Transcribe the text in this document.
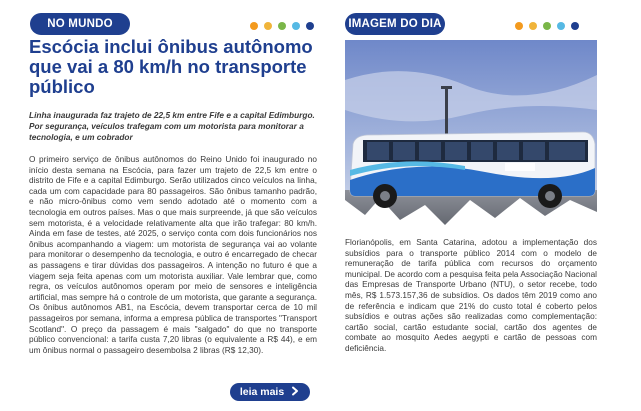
NO MUNDO
Escócia inclui ônibus autônomo que vai a 80 km/h no transporte público

Linha inaugurada faz trajeto de 22,5 km entre Fife e a capital Edimburgo. Por segurança, veículos trafegam com um motorista para monitorar a tecnologia, e um cobrador

O primeiro serviço de ônibus autônomos do Reino Unido foi inaugurado no início desta semana na Escócia, para fazer um trajeto de 22,5 km entre o distrito de Fife e a capital Edimburgo. Serão utilizados cinco veículos na linha, cada um com capacidade para 80 passageiros. São ônibus tamanho padrão, e não micro-ônibus como vem sendo adotado até o momento com a tecnologia em outros países. Mas o que mais surpreende, já que são veículos sem motorista, é a velocidade relativamente alta que irão trafegar: 80 km/h. Ainda em fase de testes, até 2025, o serviço conta com dois funcionários nos ônibus acompanhando a viagem: um motorista de segurança vai ao volante para monitorar o desempenho da tecnologia, e outro é encarregado de checar as passagens e tirar dúvidas dos passageiros. A intenção no futuro é que a viagem seja feita apenas com um motorista auxiliar. Vale lembrar que, como regra, os veículos autônomos operam por meio de sensores e inteligência artificial, mas sempre há o controle de um motorista, que garante a segurança. Os ônibus autônomos AB1, na Escócia, devem transportar cerca de 10 mil passageiros por semana, informa a empresa pública de transportes "Transport Scotland". O preço da passagem é mais "salgado" do que no transporte público convencional: a tarifa custa 7,20 libras (o equivalente a R$ 44), e em um ônibus normal o passageiro desembolsa 2 libras (R$ 12,30).

leia mais
IMAGEM DO DIA

Florianópolis, em Santa Catarina, adotou a implementação dos subsídios para o transporte público 2014 com o modelo de remuneração de tarifa pública com recursos do orçamento municipal. De acordo com a pesquisa feita pela Associação Nacional das Empresas de Transporte Urbano (NTU), o setor recebe, todo mês, R$ 1.573.157,36 de subsídios. Os dados têm 2019 como ano de referência e indicam que 21% do custo total é coberto pelos subsídios e outras ações são realizadas como complementação: cartão social, cartão estudante social, cartão dos agentes de combate ao mosquito Aedes aegypti e cartão de pessoas com deficiência.
